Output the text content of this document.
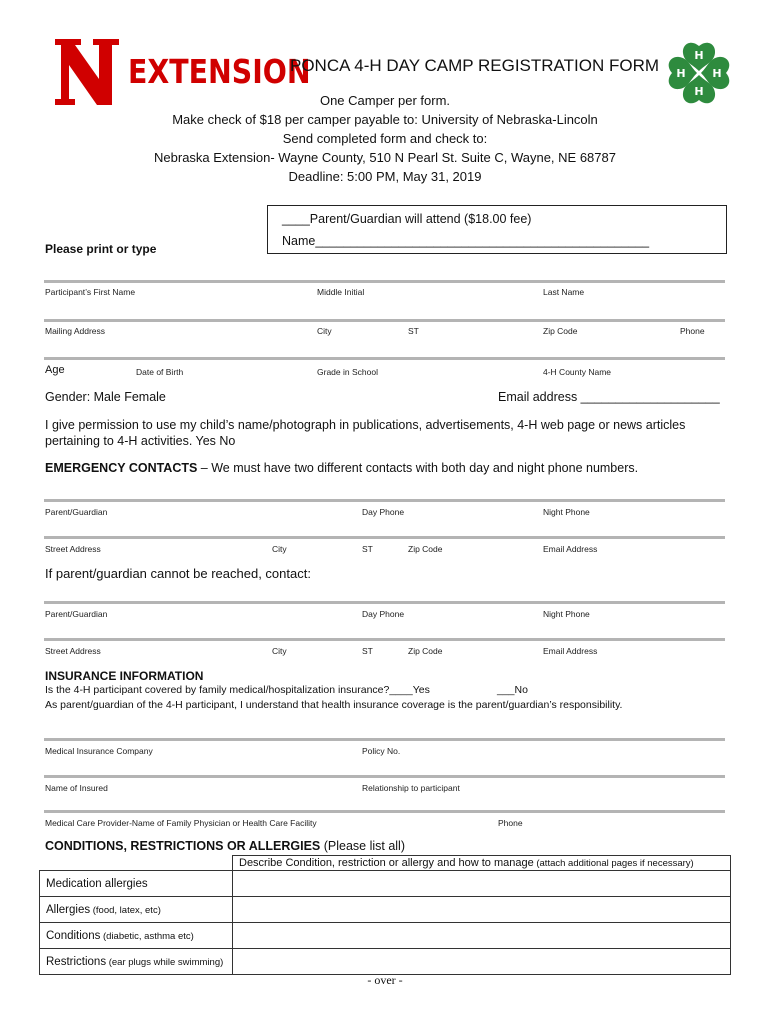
EXTENSION	H
H
H
H
PONCA 4-H DAY CAMP REGISTRATION FORM
One Camper per form.
Make check of $18 per camper payable to: University of Nebraska-Lincoln
Send completed form and check to:
Nebraska Extension- Wayne County, 510 N Pearl St. Suite C, Wayne, NE 68787
Deadline: 5:00 PM, May 31, 2019
____Parent/Guardian will attend ($18.00 fee)
Name________________________________________________
Please print or type
Participant’s First Name	Middle Initial	Last Name
Mailing Address	City	ST	Zip Code	Phone
Age	Date of Birth	Grade in School	4-H County Name
Gender: Male Female	Email address ____________________
I give permission to use my child’s name/photograph in publications, advertisements, 4-H web page or news articles
pertaining to 4-H activities. Yes No
EMERGENCY CONTACTS – We must have two different contacts with both day and night phone numbers.
Parent/Guardian	Day Phone	Night Phone
Street Address	City	ST	Zip Code	Email Address
If parent/guardian cannot be reached, contact:
Parent/Guardian	Day Phone	Night Phone
Street Address	City	ST	Zip Code	Email Address
INSURANCE INFORMATION
Is the 4-H participant covered by family medical/hospitalization insurance?____Yes	___No
As parent/guardian of the 4-H participant, I understand that health insurance coverage is the parent/guardian’s responsibility.
Medical Insurance Company	Policy No.
Name of Insured	Relationship to participant
Medical Care Provider-Name of Family Physician or Health Care Facility	Phone
CONDITIONS, RESTRICTIONS OR ALLERGIES (Please list all)
	Describe Condition, restriction or allergy and how to manage (attach additional pages if necessary)
Medication allergies	
Allergies (food, latex, etc)	
Conditions (diabetic, asthma etc)	
Restrictions (ear plugs while swimming)	
- over -
